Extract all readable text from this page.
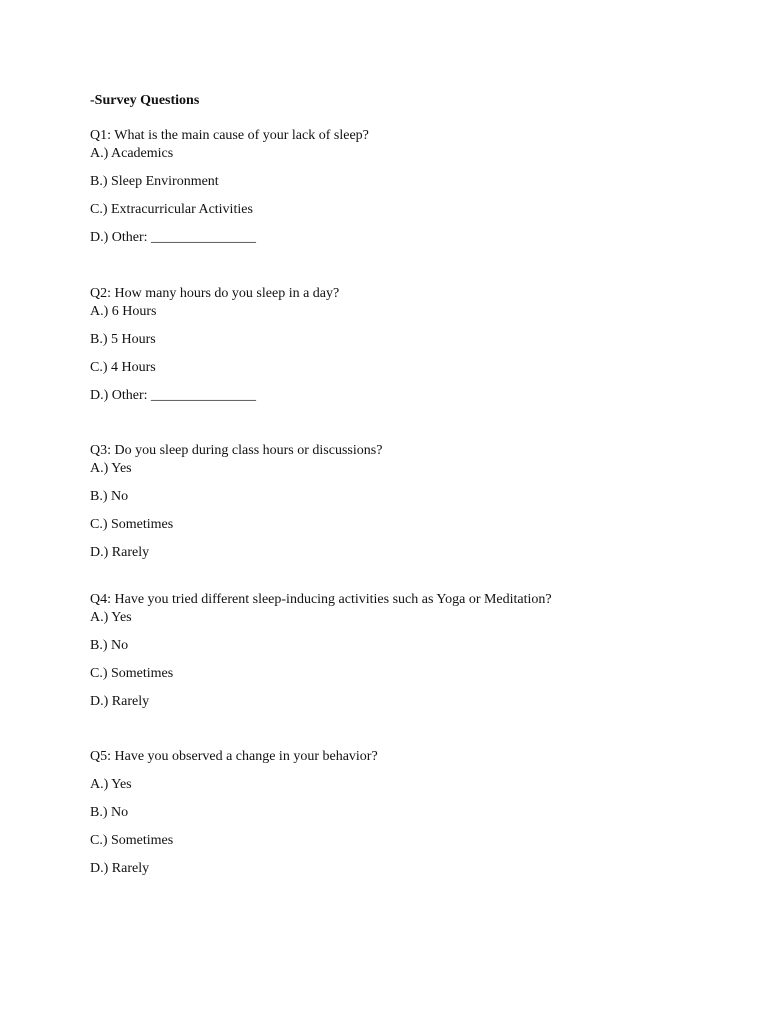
-Survey Questions
Q1: What is the main cause of your lack of sleep?
A.) Academics
B.) Sleep Environment
C.) Extracurricular Activities
D.) Other: _______________
Q2: How many hours do you sleep in a day?
A.) 6 Hours
B.) 5 Hours
C.) 4 Hours
D.) Other: _______________
Q3: Do you sleep during class hours or discussions?
A.) Yes
B.) No
C.) Sometimes
D.) Rarely
Q4: Have you tried different sleep-inducing activities such as Yoga or Meditation?
A.) Yes
B.) No
C.) Sometimes
D.) Rarely
Q5: Have you observed a change in your behavior?
A.) Yes
B.) No
C.) Sometimes
D.) Rarely
